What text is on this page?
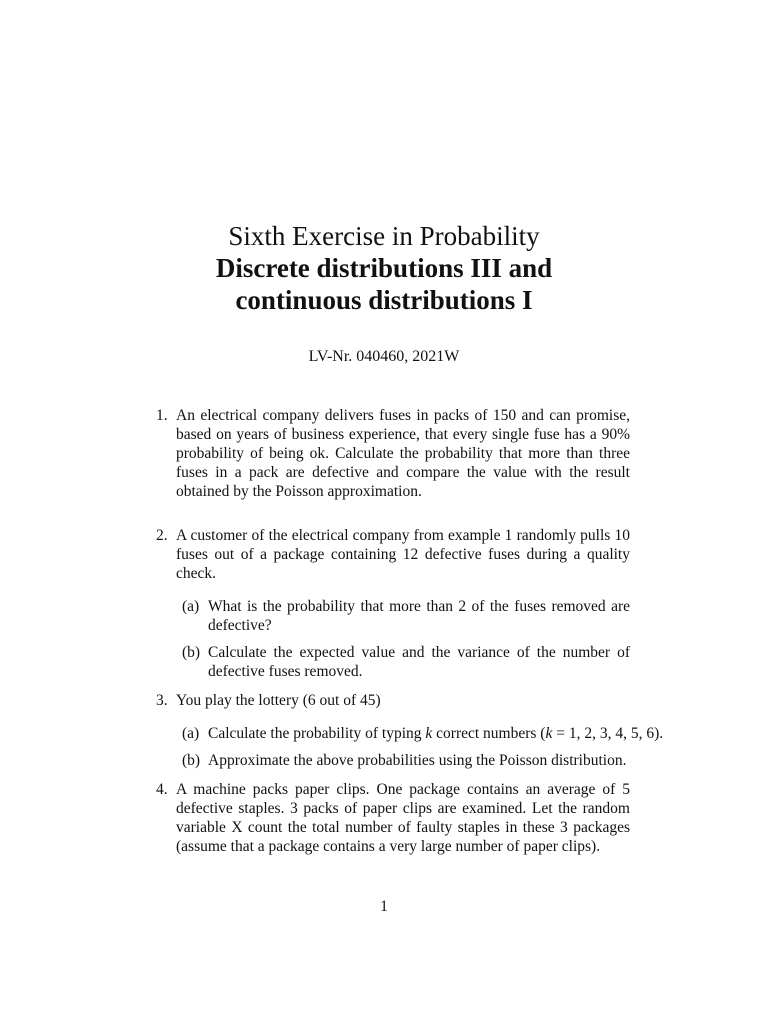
Sixth Exercise in Probability
Discrete distributions III and
continuous distributions I
LV-Nr. 040460, 2021W
1. An electrical company delivers fuses in packs of 150 and can promise, based on years of business experience, that every single fuse has a 90% probability of being ok. Calculate the probability that more than three fuses in a pack are defective and compare the value with the result obtained by the Poisson approximation.
2. A customer of the electrical company from example 1 randomly pulls 10 fuses out of a package containing 12 defective fuses during a quality check.
(a) What is the probability that more than 2 of the fuses removed are defective?
(b) Calculate the expected value and the variance of the number of defective fuses removed.
3. You play the lottery (6 out of 45)
(a) Calculate the probability of typing k correct numbers (k = 1, 2, 3, 4, 5, 6).
(b) Approximate the above probabilities using the Poisson distribution.
4. A machine packs paper clips. One package contains an average of 5 defective staples. 3 packs of paper clips are examined. Let the random variable X count the total number of faulty staples in these 3 packages (assume that a package contains a very large number of paper clips).
1
